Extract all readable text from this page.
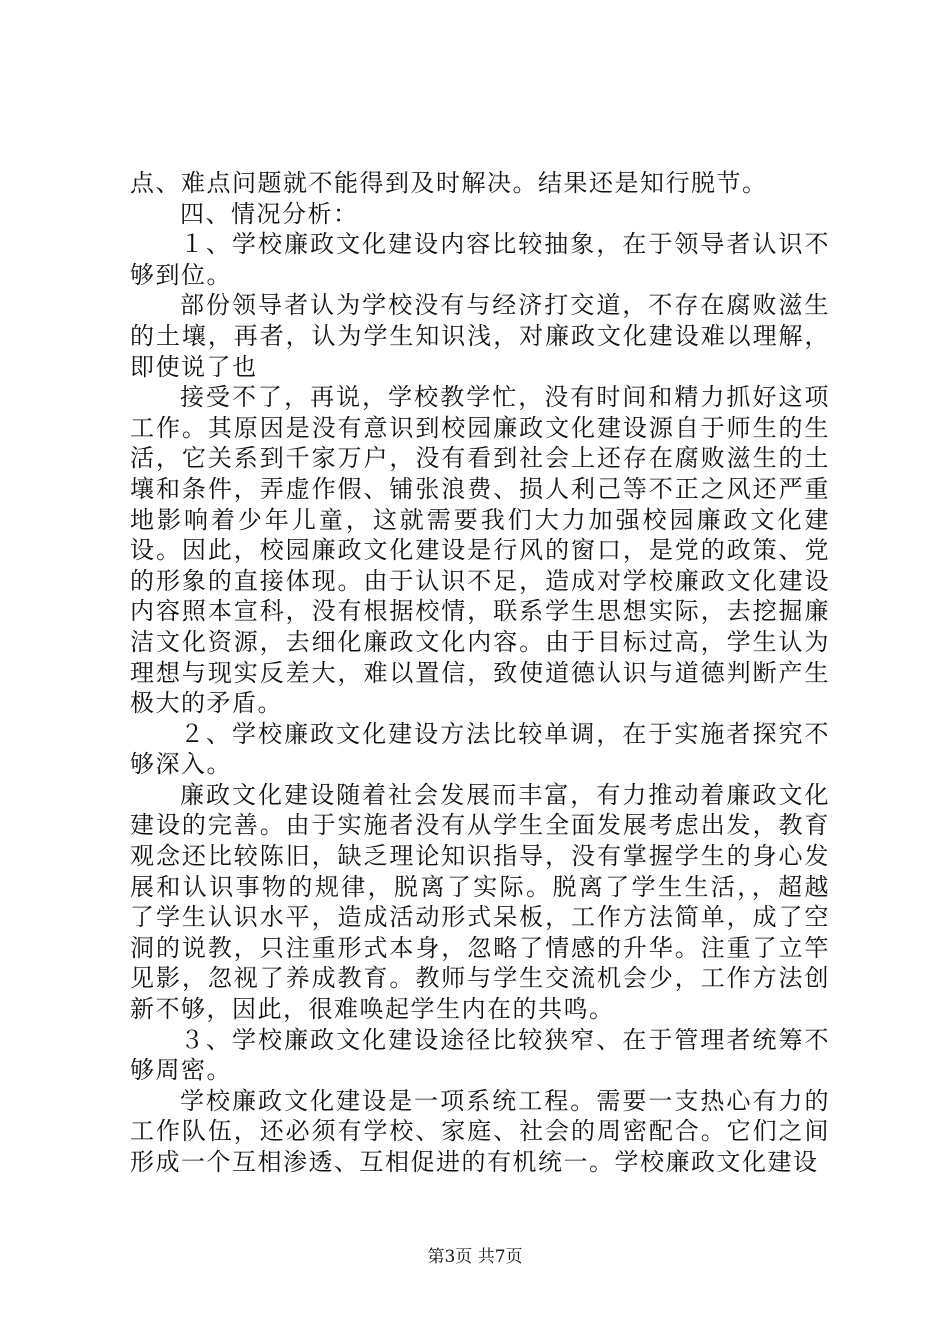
点、难点问题就不能得到及时解决。结果还是知行脱节。

四、情况分析：

１、学校廉政文化建设内容比较抽象，在于领导者认识不够到位。

部份领导者认为学校没有与经济打交道，不存在腐败滋生的土壤，再者，认为学生知识浅，对廉政文化建设难以理解，即使说了也

接受不了，再说，学校教学忙，没有时间和精力抓好这项工作。其原因是没有意识到校园廉政文化建设源自于师生的生活，它关系到千家万户，没有看到社会上还存在腐败滋生的土壤和条件，弄虚作假、铺张浪费、损人利己等不正之风还严重地影响着少年儿童，这就需要我们大力加强校园廉政文化建设。因此，校园廉政文化建设是行风的窗口，是党的政策、党的形象的直接体现。由于认识不足，造成对学校廉政文化建设内容照本宣科，没有根据校情，联系学生思想实际，去挖掘廉洁文化资源，去细化廉政文化内容。由于目标过高，学生认为理想与现实反差大，难以置信，致使道德认识与道德判断产生极大的矛盾。

２、学校廉政文化建设方法比较单调，在于实施者探究不够深入。

廉政文化建设随着社会发展而丰富，有力推动着廉政文化建设的完善。由于实施者没有从学生全面发展考虑出发，教育观念还比较陈旧，缺乏理论知识指导，没有掌握学生的身心发展和认识事物的规律，脱离了实际。脱离了学生生活，，超越了学生认识水平，造成活动形式呆板，工作方法简单，成了空洞的说教，只注重形式本身，忽略了情感的升华。注重了立竿见影，忽视了养成教育。教师与学生交流机会少，工作方法创新不够，因此，很难唤起学生内在的共鸣。

３、学校廉政文化建设途径比较狭窄、在于管理者统筹不够周密。

学校廉政文化建设是一项系统工程。需要一支热心有力的工作队伍，还必须有学校、家庭、社会的周密配合。它们之间形成一个互相渗透、互相促进的有机统一。学校廉政文化建设

第3页 共7页
